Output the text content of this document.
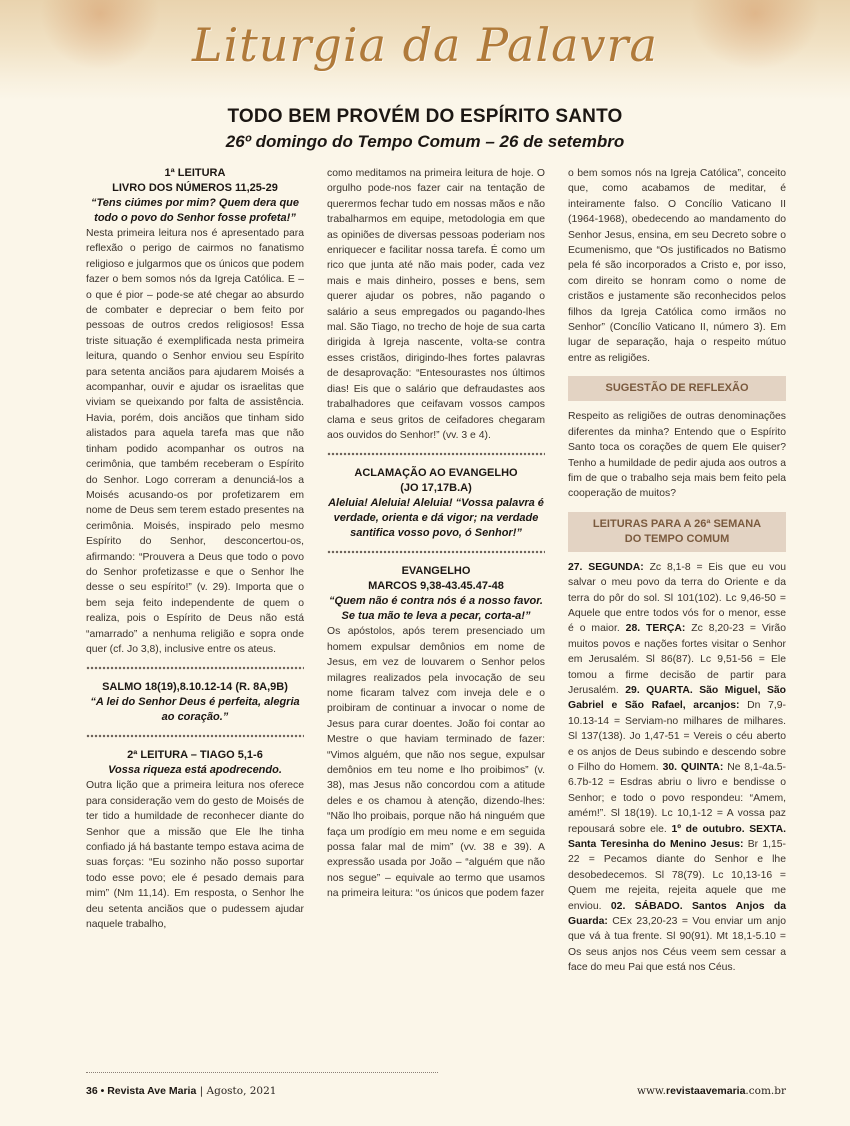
Liturgia da Palavra
TODO BEM PROVÉM DO ESPÍRITO SANTO
26º domingo do Tempo Comum – 26 de setembro

1ª LEITURA

LIVRO DOS NÚMEROS 11,25-29

“Tens ciúmes por mim? Quem dera que todo o povo do Senhor fosse profeta!”

Nesta primeira leitura nos é apresentado para reflexão o perigo de cairmos no fanatismo religioso e julgarmos que os únicos que podem fazer o bem somos nós da Igreja Católica. E – o que é pior – pode-se até chegar ao absurdo de combater e depreciar o bem feito por pessoas de outros credos religiosos! Essa triste situação é exemplificada nesta primeira leitura, quando o Senhor enviou seu Espírito para setenta anciãos para ajudarem Moisés a acompanhar, ouvir e ajudar os israelitas que viviam se queixando por falta de assistência. Havia, porém, dois anciãos que tinham sido alistados para aquela tarefa mas que não tinham podido acompanhar os outros na cerimônia, que também receberam o Espírito do Senhor. Logo correram a denunciá-los a Moisés acusando-os por profetizarem em nome de Deus sem terem estado presentes na cerimônia. Moisés, inspirado pelo mesmo Espírito do Senhor, desconcertou-os, afirmando: “Prouvera a Deus que todo o povo do Senhor profetizasse e que o Senhor lhe desse o seu espírito!” (v. 29). Importa que o bem seja feito independente de quem o realiza, pois o Espírito de Deus não está “amarrado” a nenhuma religião e sopra onde quer (cf. Jo 3,8), inclusive entre os ateus.

SALMO 18(19),8.10.12-14 (R. 8A,9B)

“A lei do Senhor Deus é perfeita, alegria ao coração.”

2ª LEITURA – TIAGO 5,1-6

Vossa riqueza está apodrecendo.

Outra lição que a primeira leitura nos oferece para consideração vem do gesto de Moisés de ter tido a humildade de reconhecer diante do Senhor que a missão que Ele lhe tinha confiado já há bastante tempo estava acima de suas forças: “Eu sozinho não posso suportar todo esse povo; ele é pesado demais para mim” (Nm 11,14). Em resposta, o Senhor lhe deu setenta anciãos que o pudessem ajudar naquele trabalho,

como meditamos na primeira leitura de hoje. O orgulho pode-nos fazer cair na tentação de querermos fechar tudo em nossas mãos e não trabalharmos em equipe, metodologia em que as opiniões de diversas pessoas poderiam nos enriquecer e facilitar nossa tarefa. É como um rico que junta até não mais poder, cada vez mais e mais dinheiro, posses e bens, sem querer ajudar os pobres, não pagando o salário a seus empregados ou pagando-lhes mal. São Tiago, no trecho de hoje de sua carta dirigida à Igreja nascente, volta-se contra esses cristãos, dirigindo-lhes fortes palavras de desaprovação: “Entesourastes nos últimos dias! Eis que o salário que defraudastes aos trabalhadores que ceifavam vossos campos clama e seus gritos de ceifadores chegaram aos ouvidos do Senhor!” (vv. 3 e 4).

ACLAMAÇÃO AO EVANGELHO

(JO 17,17B.A)

Aleluia! Aleluia! Aleluia! “Vossa palavra é verdade, orienta e dá vigor; na verdade santifica vosso povo, ó Senhor!”

EVANGELHO

MARCOS 9,38-43.45.47-48

“Quem não é contra nós é a nosso favor. Se tua mão te leva a pecar, corta-a!”

Os apóstolos, após terem presenciado um homem expulsar demônios em nome de Jesus, em vez de louvarem o Senhor pelos milagres realizados pela invocação de seu nome ficaram talvez com inveja dele e o proibiram de continuar a invocar o nome de Jesus para curar doentes. João foi contar ao Mestre o que haviam terminado de fazer: “Vimos alguém, que não nos segue, expulsar demônios em teu nome e lho proibimos” (v. 38), mas Jesus não concordou com a atitude deles e os chamou à atenção, dizendo-lhes: “Não lho proibais, porque não há ninguém que faça um prodígio em meu nome e em seguida possa falar mal de mim” (vv. 38 e 39). A expressão usada por João – “alguém que não nos segue” – equivale ao termo que usamos na primeira leitura: “os únicos que podem fazer

o bem somos nós na Igreja Católica”, conceito que, como acabamos de meditar, é inteiramente falso. O Concílio Vaticano II (1964-1968), obedecendo ao mandamento do Senhor Jesus, ensina, em seu Decreto sobre o Ecumenismo, que “Os justificados no Batismo pela fé são incorporados a Cristo e, por isso, com direito se honram como o nome de cristãos e justamente são reconhecidos pelos filhos da Igreja Católica como irmãos no Senhor” (Concílio Vaticano II, número 3). Em lugar de separação, haja o respeito mútuo entre as religiões.

SUGESTÃO DE REFLEXÃO

Respeito as religiões de outras denominações diferentes da minha? Entendo que o Espírito Santo toca os corações de quem Ele quiser? Tenho a humildade de pedir ajuda aos outros a fim de que o trabalho seja mais bem feito pela cooperação de muitos?

LEITURAS PARA A 26ª SEMANA
DO TEMPO COMUM

27. SEGUNDA: Zc 8,1-8 = Eis que eu vou salvar o meu povo da terra do Oriente e da terra do pôr do sol. Sl 101(102). Lc 9,46-50 = Aquele que entre todos vós for o menor, esse é o maior. 28. TERÇA: Zc 8,20-23 = Virão muitos povos e nações fortes visitar o Senhor em Jerusalém. Sl 86(87). Lc 9,51-56 = Ele tomou a firme decisão de partir para Jerusalém. 29. QUARTA. São Miguel, São Gabriel e São Rafael, arcanjos: Dn 7,9-10.13-14 = Serviam-no milhares de milhares. Sl 137(138). Jo 1,47-51 = Vereis o céu aberto e os anjos de Deus subindo e descendo sobre o Filho do Homem. 30. QUINTA: Ne 8,1-4a.5-6.7b-12 = Esdras abriu o livro e bendisse o Senhor; e todo o povo respondeu: “Amem, amém!”. Sl 18(19). Lc 10,1-12 = A vossa paz repousará sobre ele. 1º de outubro. SEXTA. Santa Teresinha do Menino Jesus: Br 1,15-22 = Pecamos diante do Senhor e lhe desobedecemos. Sl 78(79). Lc 10,13-16 = Quem me rejeita, rejeita aquele que me enviou. 02. SÁBADO. Santos Anjos da Guarda: CEx 23,20-23 = Vou enviar um anjo que vá à tua frente. Sl 90(91). Mt 18,1-5.10 = Os seus anjos nos Céus veem sem cessar a face do meu Pai que está nos Céus.

36 • Revista Ave Maria | Agosto, 2021	www.revistaavemaria.com.br
